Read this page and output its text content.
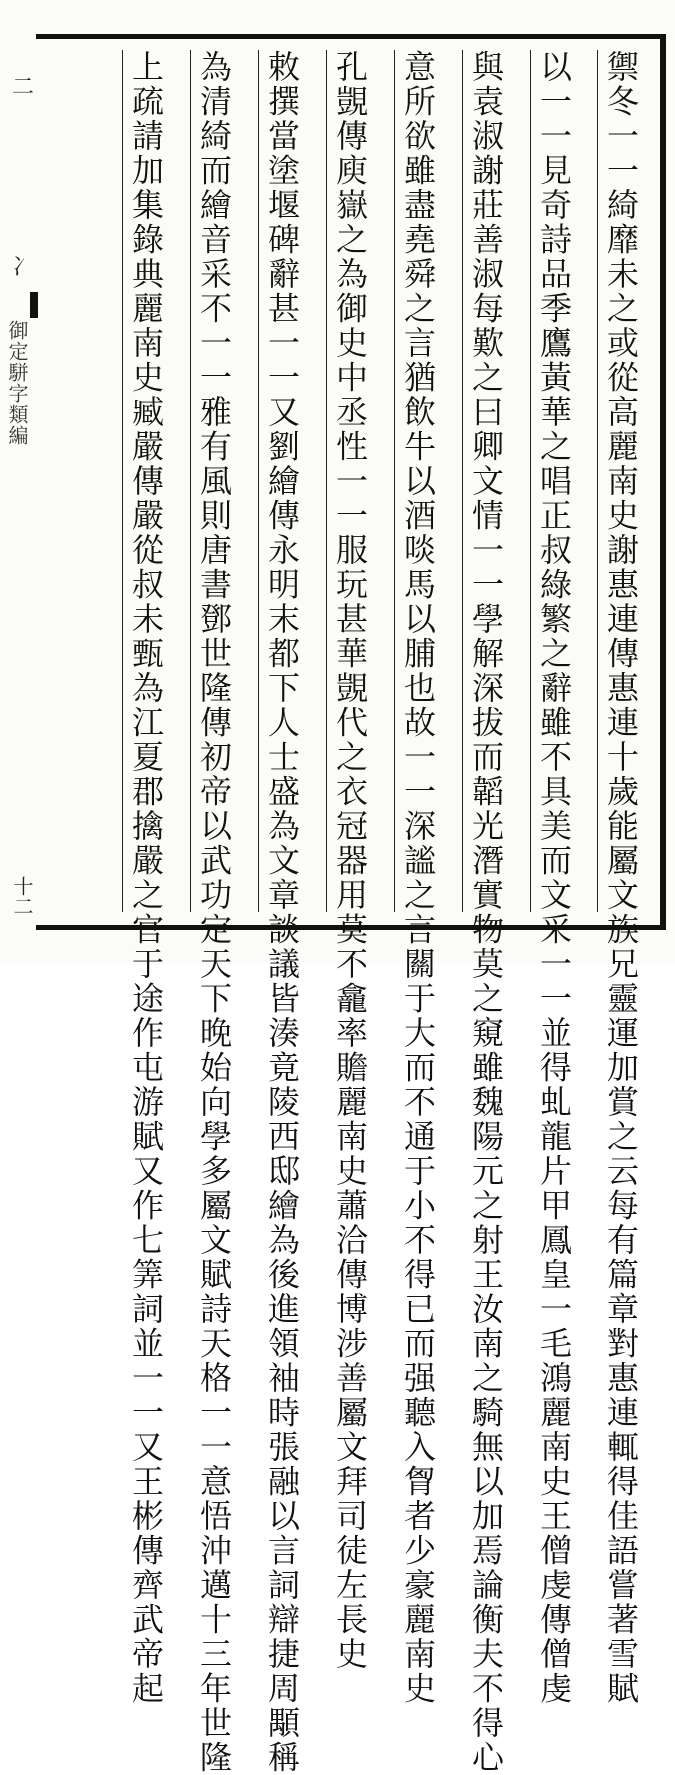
二
冫
御定駢字類編
十二	禦冬一一綺靡未之或從高麗南史謝惠連傳惠連十歲能屬文族兄靈運加賞之云每有篇章對惠連輒得佳語嘗著雪賦
以一一見奇詩品季鷹黃華之唱正叔綠繁之辭雖不具美而文采一一並得虬龍片甲鳳皇一毛鴻麗南史王僧虔傳僧虔
與袁淑謝莊善淑每歎之曰卿文情一一學解深拔而韜光潛實物莫之窺雖魏陽元之射王汝南之騎無以加焉論衡夫不得心
意所欲雖盡堯舜之言猶飲牛以酒啖馬以脯也故一一深謐之言關于大而不通于小不得已而强聽入胷者少豪麗南史
孔覬傳庾嶽之為御史中丞性一一服玩甚華覬代之衣冠器用莫不龕率贍麗南史蕭洽傳博涉善屬文拜司徒左長史
敕撰當塗堰碑辭甚一一又劉繪傳永明末都下人士盛為文章談議皆湊竟陵西邸繪為後進領袖時張融以言詞辯捷周顒稱
為清綺而繪音采不一一雅有風則唐書鄧世隆傳初帝以武功定天下晚始向學多屬文賦詩天格一一意悟沖邁十三年世隆
上疏請加集錄典麗南史臧嚴傳嚴從叔未甄為江夏郡擒嚴之官于途作屯游賦又作七筭詞並一一又王彬傳齊武帝起
